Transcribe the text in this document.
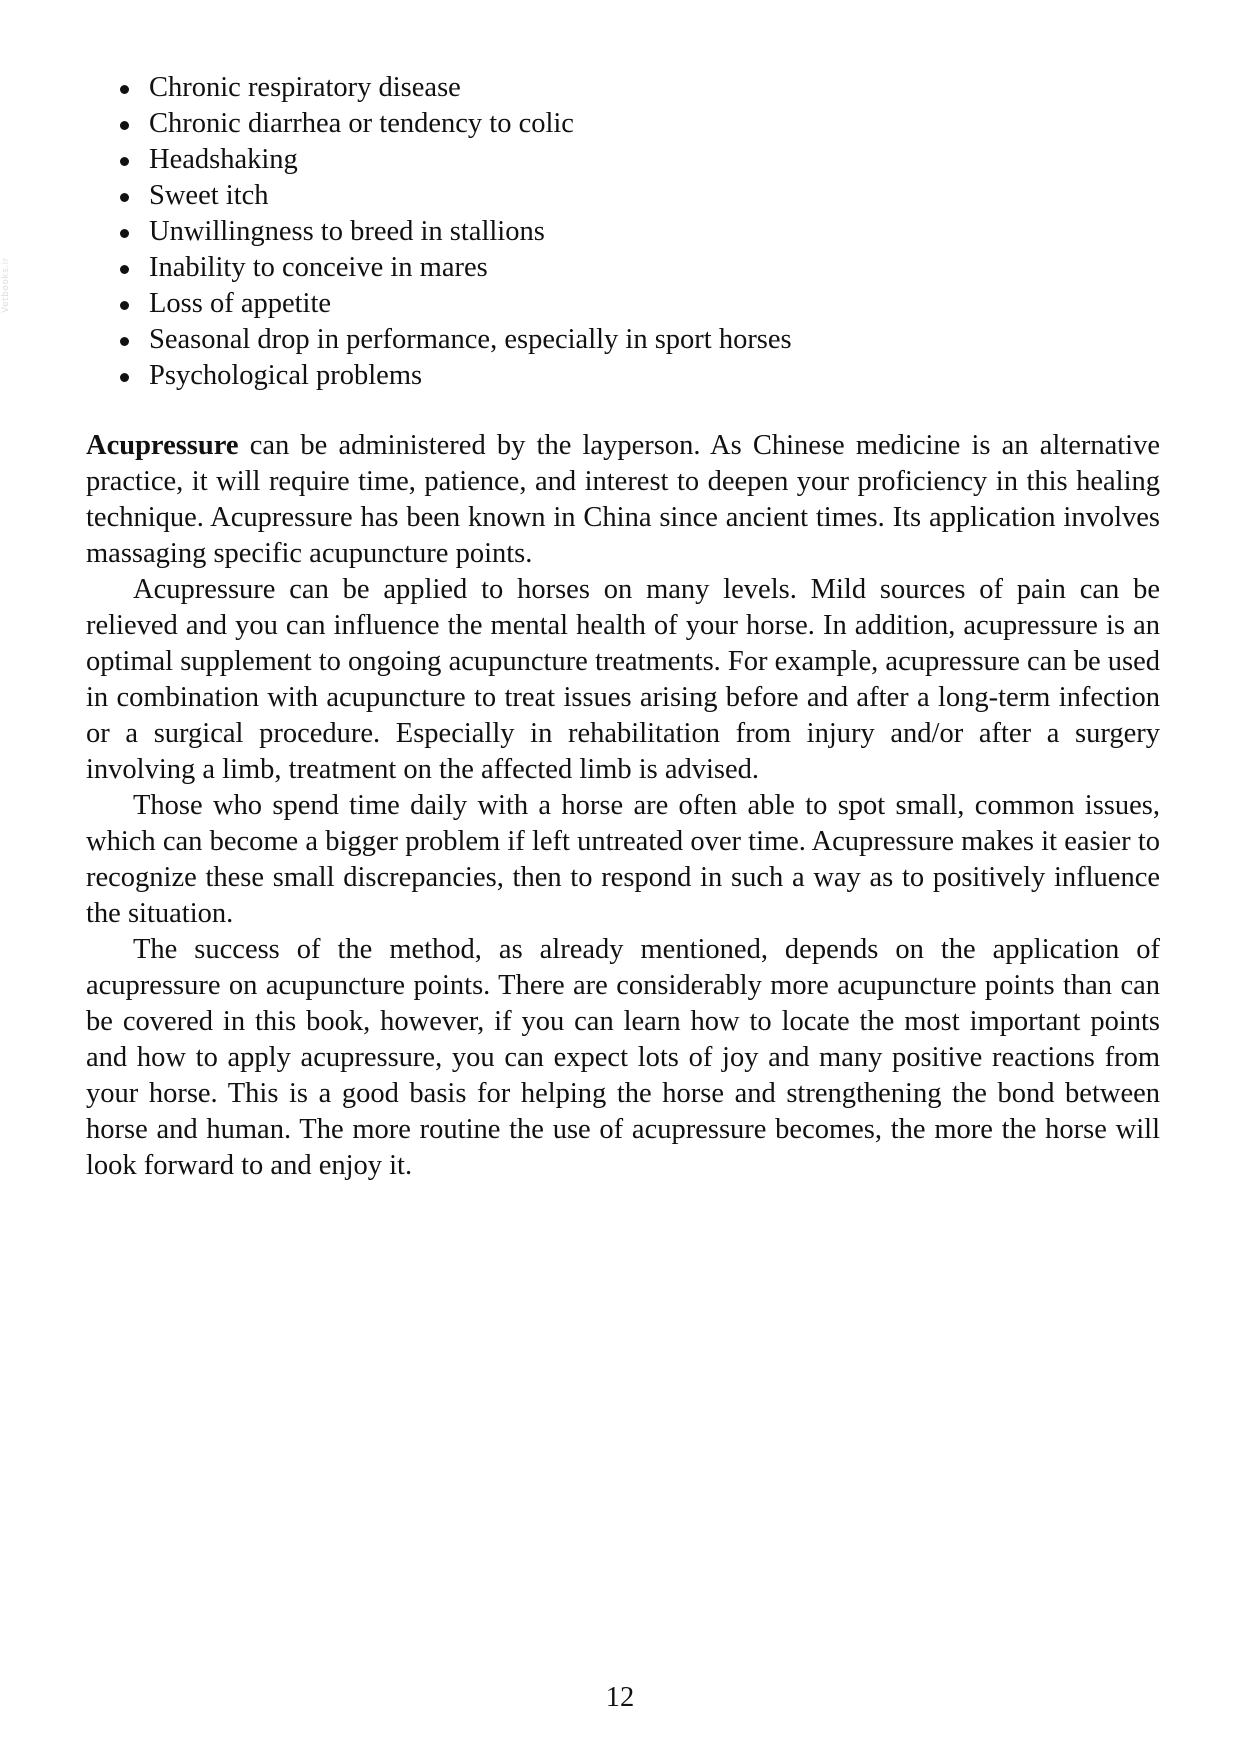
Vetbooks.ir
Chronic respiratory disease
Chronic diarrhea or tendency to colic
Headshaking
Sweet itch
Unwillingness to breed in stallions
Inability to conceive in mares
Loss of appetite
Seasonal drop in performance, especially in sport horses
Psychological problems

Acupressure can be administered by the layperson. As Chinese medicine is an alternative practice, it will require time, patience, and interest to deepen your proficiency in this healing technique. Acupressure has been known in China since ancient times. Its application involves massaging specific acupuncture points.

Acupressure can be applied to horses on many levels. Mild sources of pain can be relieved and you can influence the mental health of your horse. In addition, acupressure is an optimal supplement to ongoing acupuncture treatments. For example, acupressure can be used in combination with acupuncture to treat issues arising before and after a long-term infection or a surgical procedure. Especially in rehabilitation from injury and/or after a surgery involving a limb, treatment on the affected limb is advised.

Those who spend time daily with a horse are often able to spot small, common issues, which can become a bigger problem if left untreated over time. Acupressure makes it easier to recognize these small discrepancies, then to respond in such a way as to positively influence the situation.

The success of the method, as already mentioned, depends on the application of acupressure on acupuncture points. There are considerably more acupuncture points than can be covered in this book, however, if you can learn how to locate the most important points and how to apply acupressure, you can expect lots of joy and many positive reactions from your horse. This is a good basis for helping the horse and strengthening the bond between horse and human. The more routine the use of acupressure becomes, the more the horse will look forward to and enjoy it.

12
